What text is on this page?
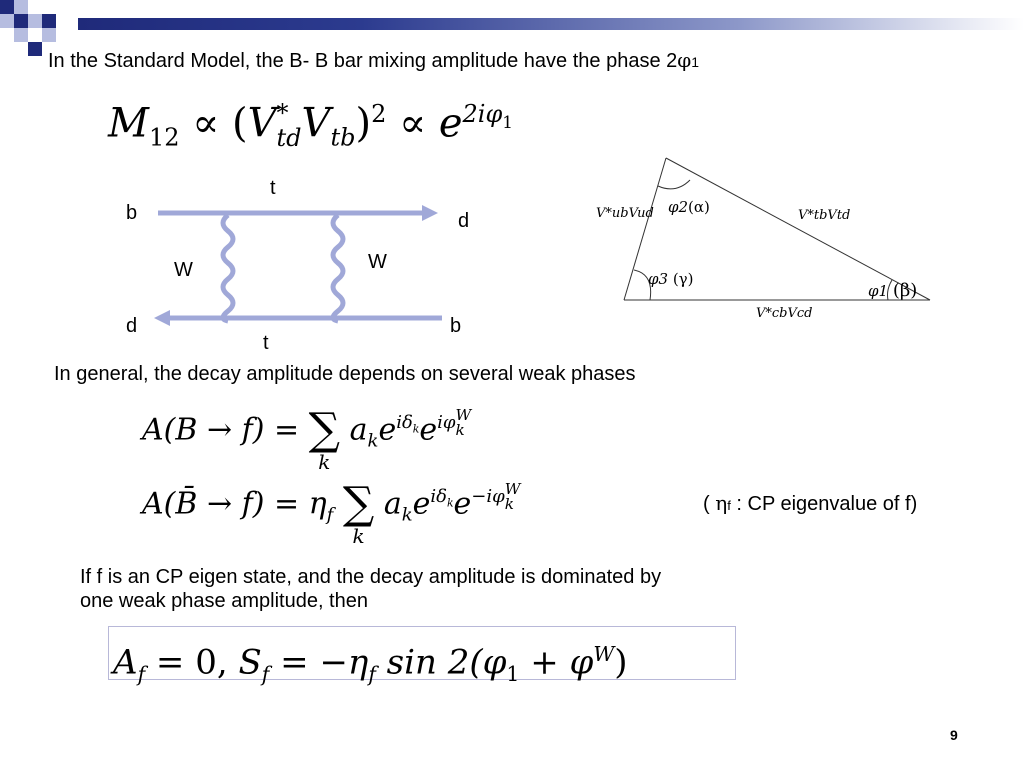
In the Standard Model, the B- B bar mixing amplitude have the phase 2φ1
$M_{12} \propto (V$ *
td $V_{tb})^2 \propto e^{2i\varphi_1}$
t
b	d
W	W
d	b
t
V*ubVud	V*tbVtd
V*cbVcd
φ2(α)
φ3 (γ)
φ1 (β)
In general, the decay amplitude depends on several weak phases
A(B → f) = ∑
k
$a_ke^{i\delta_k}e^{i\varphi W k}$
A(B̄ → $f) = \eta_f$ ∑
k
$a_ke^{i\delta_k}e^{-i\varphi W k}$	( ηf : CP eigenvalue of f)
If f is an CP eigen state, and the decay amplitude is dominated by
one weak phase amplitude, then
$A_f = 0$, $S_f = -\eta_f$ $\sin 2(\varphi_1 + \varphi^W)$
9
